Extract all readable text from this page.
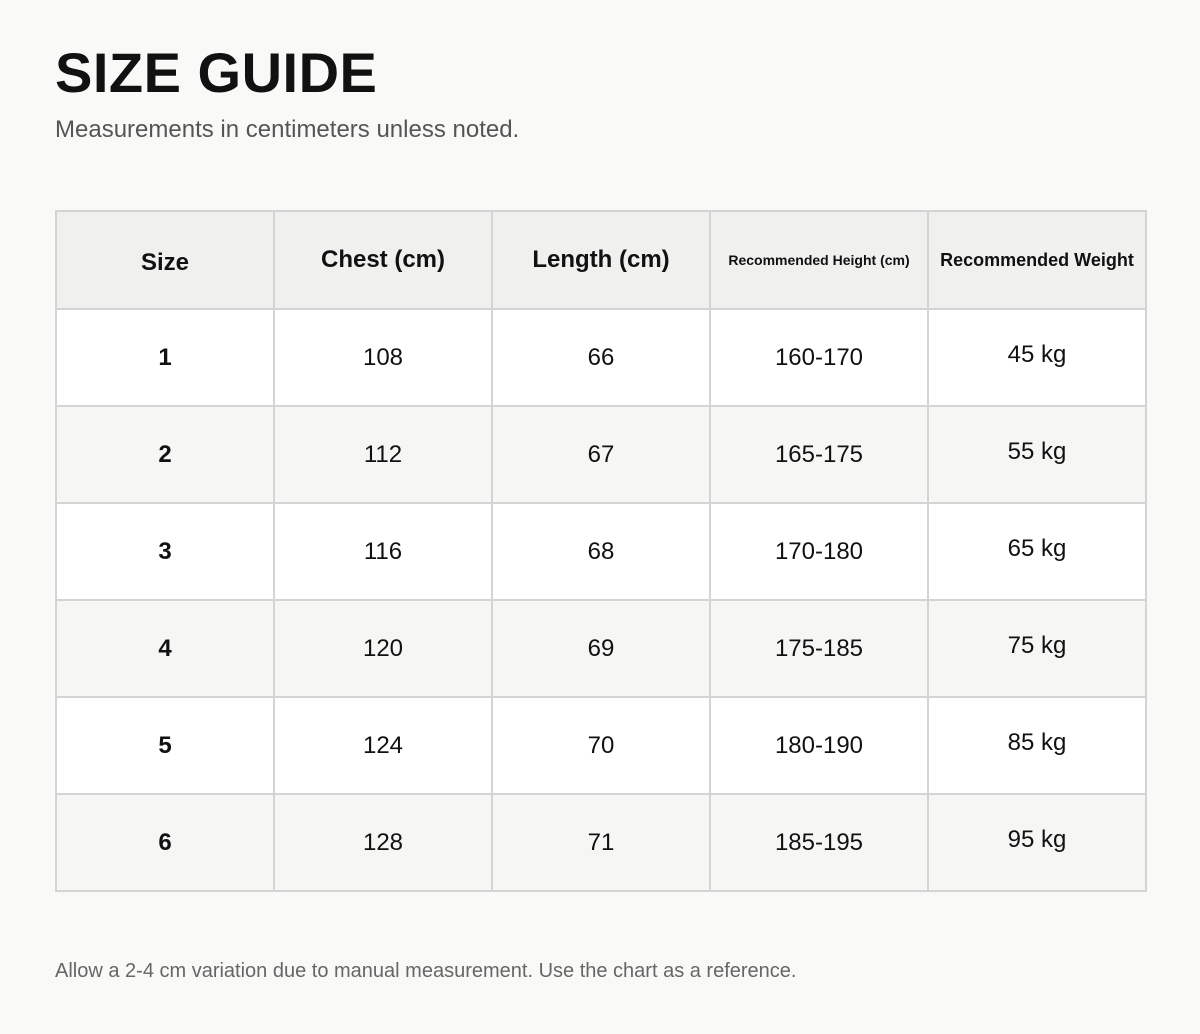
SIZE GUIDE
Measurements in centimeters unless noted.
Size	Chest (cm)	Length (cm)	Recommended Height (cm)	Recommended Weight
1	108	66	160-170	45 kg
2	112	67	165-175	55 kg
3	116	68	170-180	65 kg
4	120	69	175-185	75 kg
5	124	70	180-190	85 kg
6	128	71	185-195	95 kg
Allow a 2-4 cm variation due to manual measurement. Use the chart as a reference.
